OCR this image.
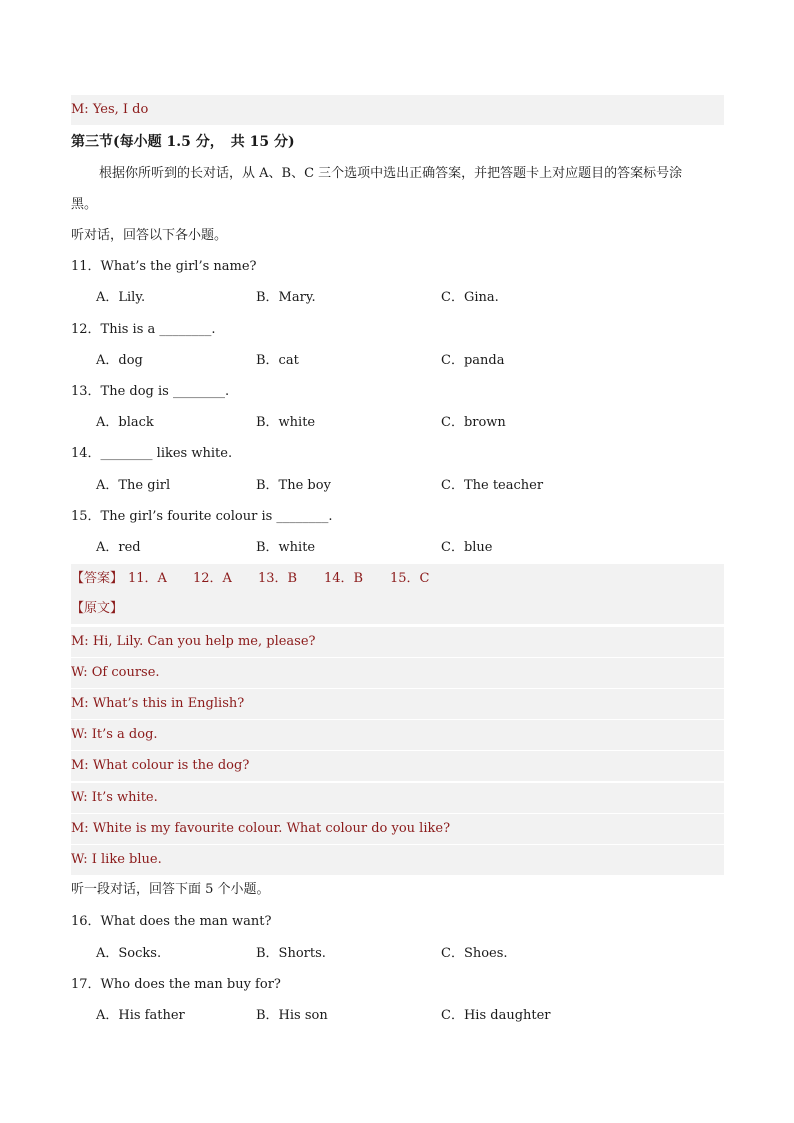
M: Yes, I do
第三节(每小题 1.5 分，　共 15 分)
根据你所听到的长对话，从 A、B、C 三个选项中选出正确答案，并把答题卡上对应题目的答案标号涂
黑。
听对话，回答以下各小题。
11．What’s the girl’s name?
A．Lily.	B．Mary.	C．Gina.
12．This is a ________.
A．dog	B．cat	C．panda
13．The dog is ________.
A．black	B．white	C．brown
14．________ likes white.
A．The girl	B．The boy	C．The teacher
15．The girl’s fourite colour is ________.
A．red	B．white	C．blue
【答案】 11．A 12．A 13．B 14．B 15．C
【原文】
M: Hi, Lily. Can you help me, please?
W: Of course.
M: What’s this in English?
W: It’s a dog.
M: What colour is the dog?
W: It’s white.
M: White is my favourite colour. What colour do you like?
W: I like blue.
听一段对话，回答下面 5 个小题。
16．What does the man want?
A．Socks.	B．Shorts.	C．Shoes.
17．Who does the man buy for?
A．His father	B．His son	C．His daughter
